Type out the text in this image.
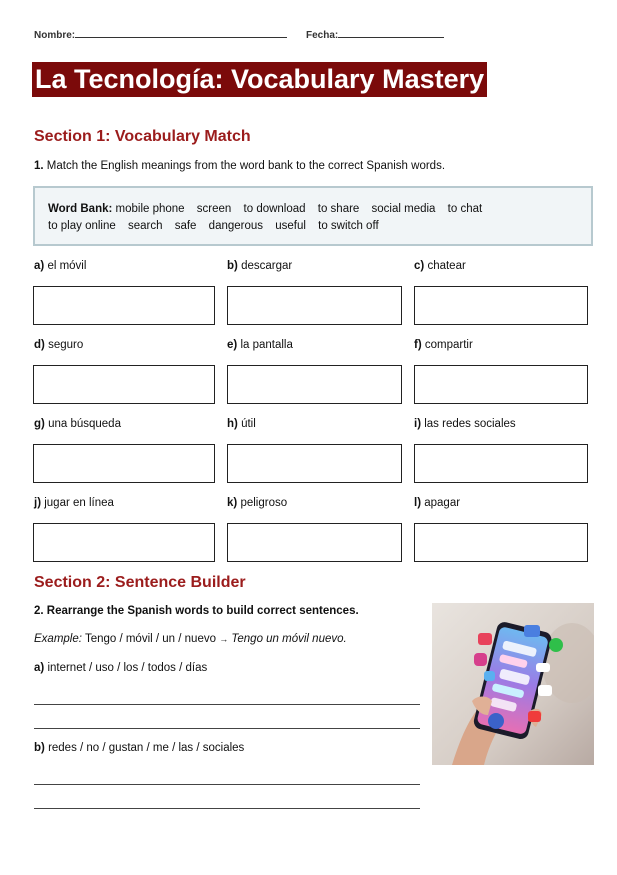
Nombre:	Fecha:
La Tecnología: Vocabulary Mastery
Section 1: Vocabulary Match
1. Match the English meanings from the word bank to the correct Spanish words.
Word Bank: mobile phone screen to download to share social media to chat
to play online search safe dangerous useful to switch off
a) el móvil	b) descargar	c) chatear
d) seguro	e) la pantalla	f) compartir
g) una búsqueda	h) útil	i) las redes sociales
j) jugar en línea	k) peligroso	l) apagar
Section 2: Sentence Builder
2. Rearrange the Spanish words to build correct sentences.
Example: Tengo / móvil / un / nuevo → Tengo un móvil nuevo.
a) internet / uso / los / todos / días
b) redes / no / gustan / me / las / sociales
